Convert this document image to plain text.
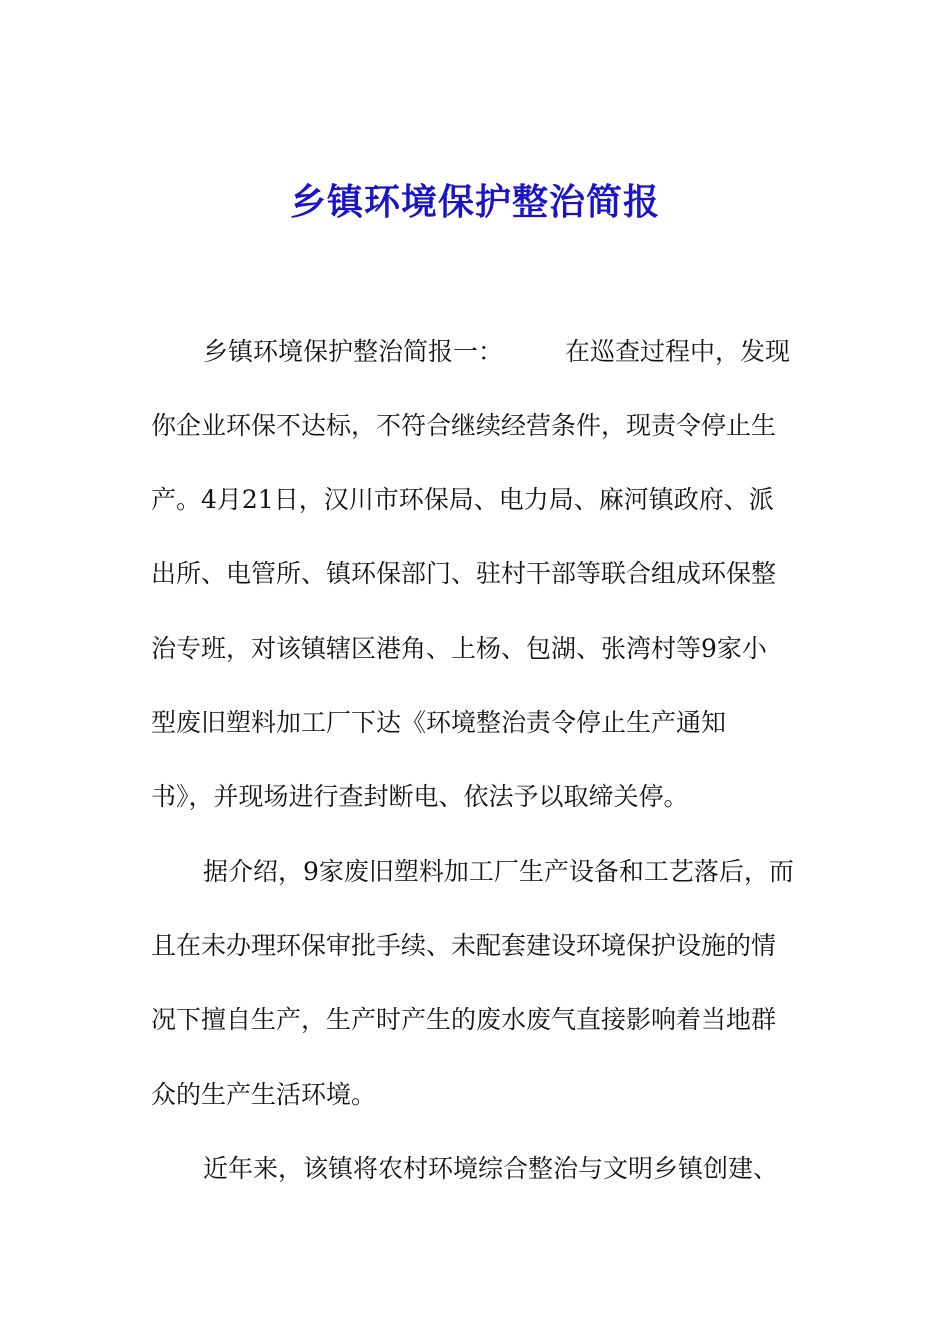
乡镇环境保护整治简报
乡镇环境保护整治简报一： 在巡查过程中，发现
你企业环保不达标，不符合继续经营条件，现责令停止生
产。4月21日，汉川市环保局、电力局、麻河镇政府、派
出所、电管所、镇环保部门、驻村干部等联合组成环保整
治专班，对该镇辖区港角、上杨、包湖、张湾村等9家小
型废旧塑料加工厂下达《环境整治责令停止生产通知
书》，并现场进行查封断电、依法予以取缔关停。
据介绍，9家废旧塑料加工厂生产设备和工艺落后，而
且在未办理环保审批手续、未配套建设环境保护设施的情
况下擅自生产，生产时产生的废水废气直接影响着当地群
众的生产生活环境。
近年来，该镇将农村环境综合整治与文明乡镇创建、
